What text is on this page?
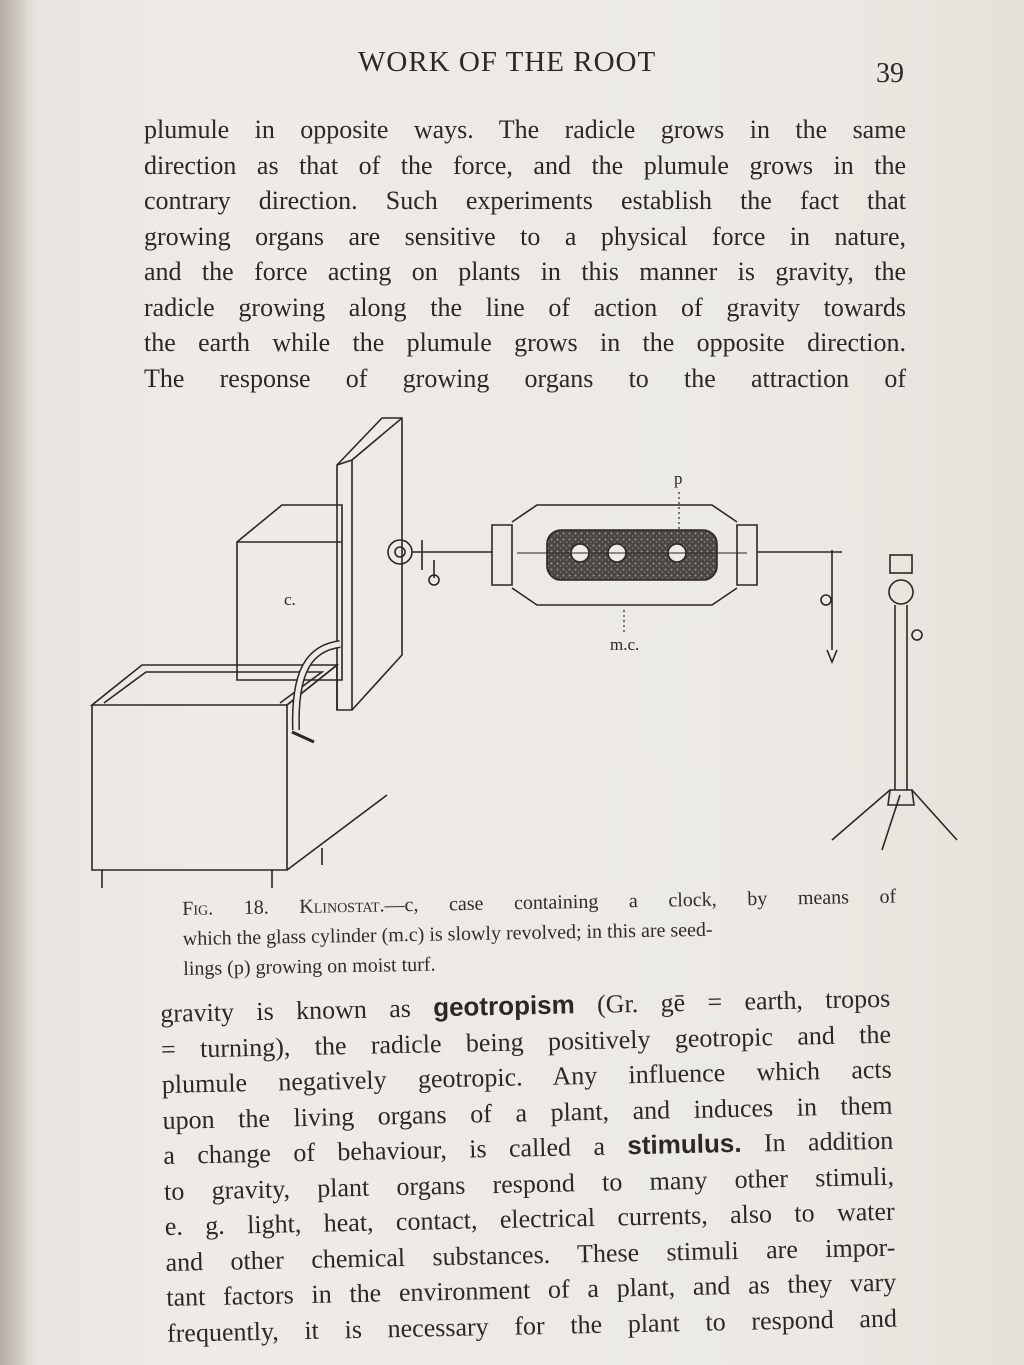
WORK OF THE ROOT	39

plumule in opposite ways. The radicle grows in the same
direction as that of the force, and the plumule grows in the
contrary direction. Such experiments establish the fact that
growing organs are sensitive to a physical force in nature,
and the force acting on plants in this manner is gravity, the
radicle growing along the line of action of gravity towards
the earth while the plumule grows in the opposite direction.
The response of growing organs to the attraction of

c.
p
m.c.

Fig. 18. Klinostat.—c, case containing a clock, by means of
which the glass cylinder (m.c) is slowly revolved; in this are seed-
lings (p) growing on moist turf.

gravity is known as geotropism (Gr. gē = earth, tropos
= turning), the radicle being positively geotropic and the
plumule negatively geotropic. Any influence which acts
upon the living organs of a plant, and induces in them
a change of behaviour, is called a stimulus. In addition
to gravity, plant organs respond to many other stimuli,
e. g. light, heat, contact, electrical currents, also to water
and other chemical substances. These stimuli are impor-
tant factors in the environment of a plant, and as they vary
frequently, it is necessary for the plant to respond and
